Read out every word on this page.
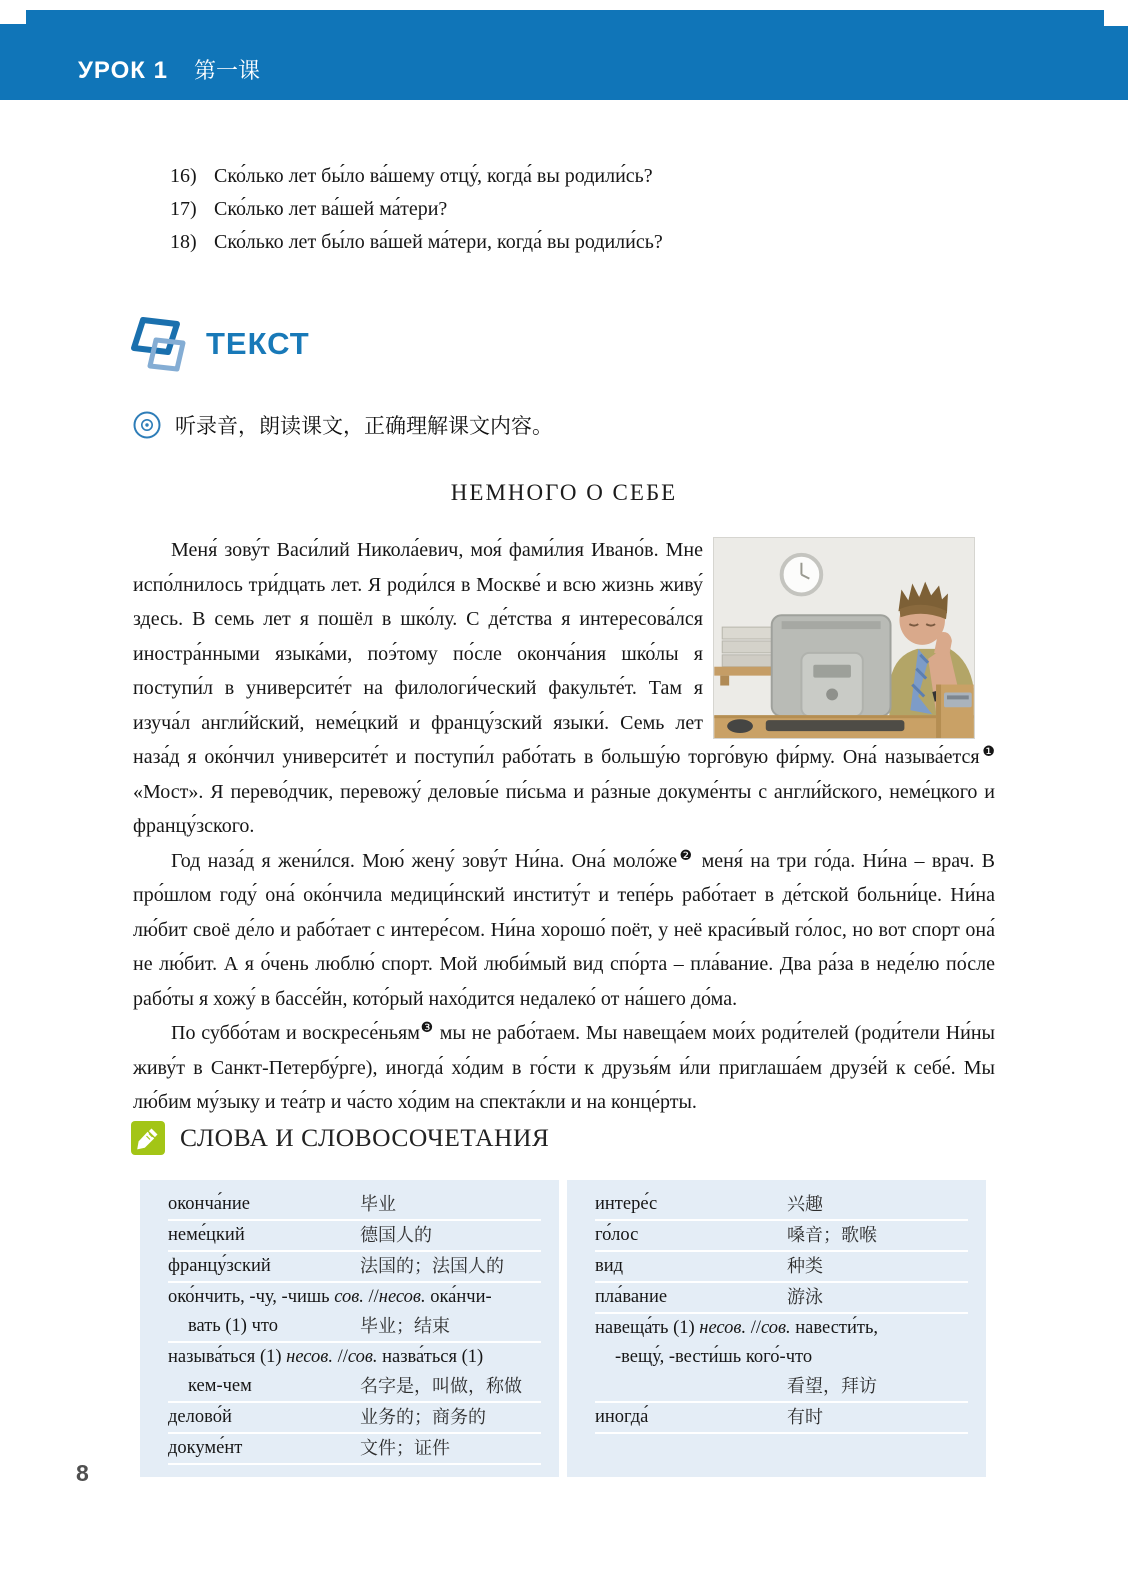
УРОК 1 第一课
16) Ско́лько лет бы́ло ва́шему отцу́, когда́ вы родили́сь?
17) Ско́лько лет ва́шей ма́тери?
18) Ско́лько лет бы́ло ва́шей ма́тери, когда́ вы родили́сь?
ТЕКСТ
听录音，朗读课文，正确理解课文内容。
НЕМНОГО О СЕБЕ

Меня́ зову́т Васи́лий Никола́евич, моя́ фами́лия Ивано́в. Мне испо́лнилось три́дцать лет. Я роди́лся в Москве́ и всю жизнь живу́ здесь. В семь лет я пошёл в шко́лу. С де́тства я интересова́лся иностра́нными языка́ми, поэ́тому по́сле оконча́ния шко́лы я поступи́л в университе́т на филологи́ческий факульте́т. Там я изуча́л англи́йский, неме́цкий и францу́зский языки́. Семь лет наза́д я око́нчил университе́т и поступи́л рабо́тать в большу́ю торго́вую фи́рму. Она́ называ́ется$^❶$ «Мост». Я перево́дчик, перевожу́ деловы́е пи́сьма и ра́зные докуме́нты с англи́йского, неме́цкого и францу́зского.

Год наза́д я жени́лся. Мою́ жену́ зову́т Ни́на. Она́ моло́же$^❷$ меня́ на три го́да. Ни́на – врач. В про́шлом году́ она́ око́нчила медици́нский институ́т и тепе́рь рабо́тает в де́тской больни́це. Ни́на лю́бит своё де́ло и рабо́тает с интере́сом. Ни́на хорошо́ поёт, у неё краси́вый го́лос, но вот спорт она́ не лю́бит. А я о́чень люблю́ спорт. Мой люби́мый вид спо́рта – пла́вание. Два ра́за в неде́лю по́сле рабо́ты я хожу́ в бассе́йн, кото́рый нахо́дится недалеко́ от на́шего до́ма.

По суббо́там и воскресе́ньям$^❸$ мы не рабо́таем. Мы навеща́ем мои́х роди́телей (роди́тели Ни́ны живу́т в Санкт-Петербу́рге), иногда́ хо́дим в го́сти к друзья́м и́ли приглаша́ем друзе́й к себе́. Мы лю́бим му́зыку и теа́тр и ча́сто хо́дим на спекта́кли и на конце́рты.

СЛОВА И СЛОВОСОЧЕТАНИЯ
оконча́ние	毕业
неме́цкий	德国人的
францу́зский	法国的；法国人的
око́нчить, -чу, -чишь сов. //несов. ока́нчи-
вать (1) что	毕业；结束
называ́ться (1) несов. //сов. назва́ться (1)
кем-чем	名字是，叫做，称做
делово́й	业务的；商务的
докуме́нт	文件；证件
интере́с	兴趣
го́лос	嗓音；歌喉
вид	种类
пла́вание	游泳
навеща́ть (1) несов. //сов. навести́ть,
-вещу́, -вести́шь кого́-что
看望，拜访
иногда́	有时
8
